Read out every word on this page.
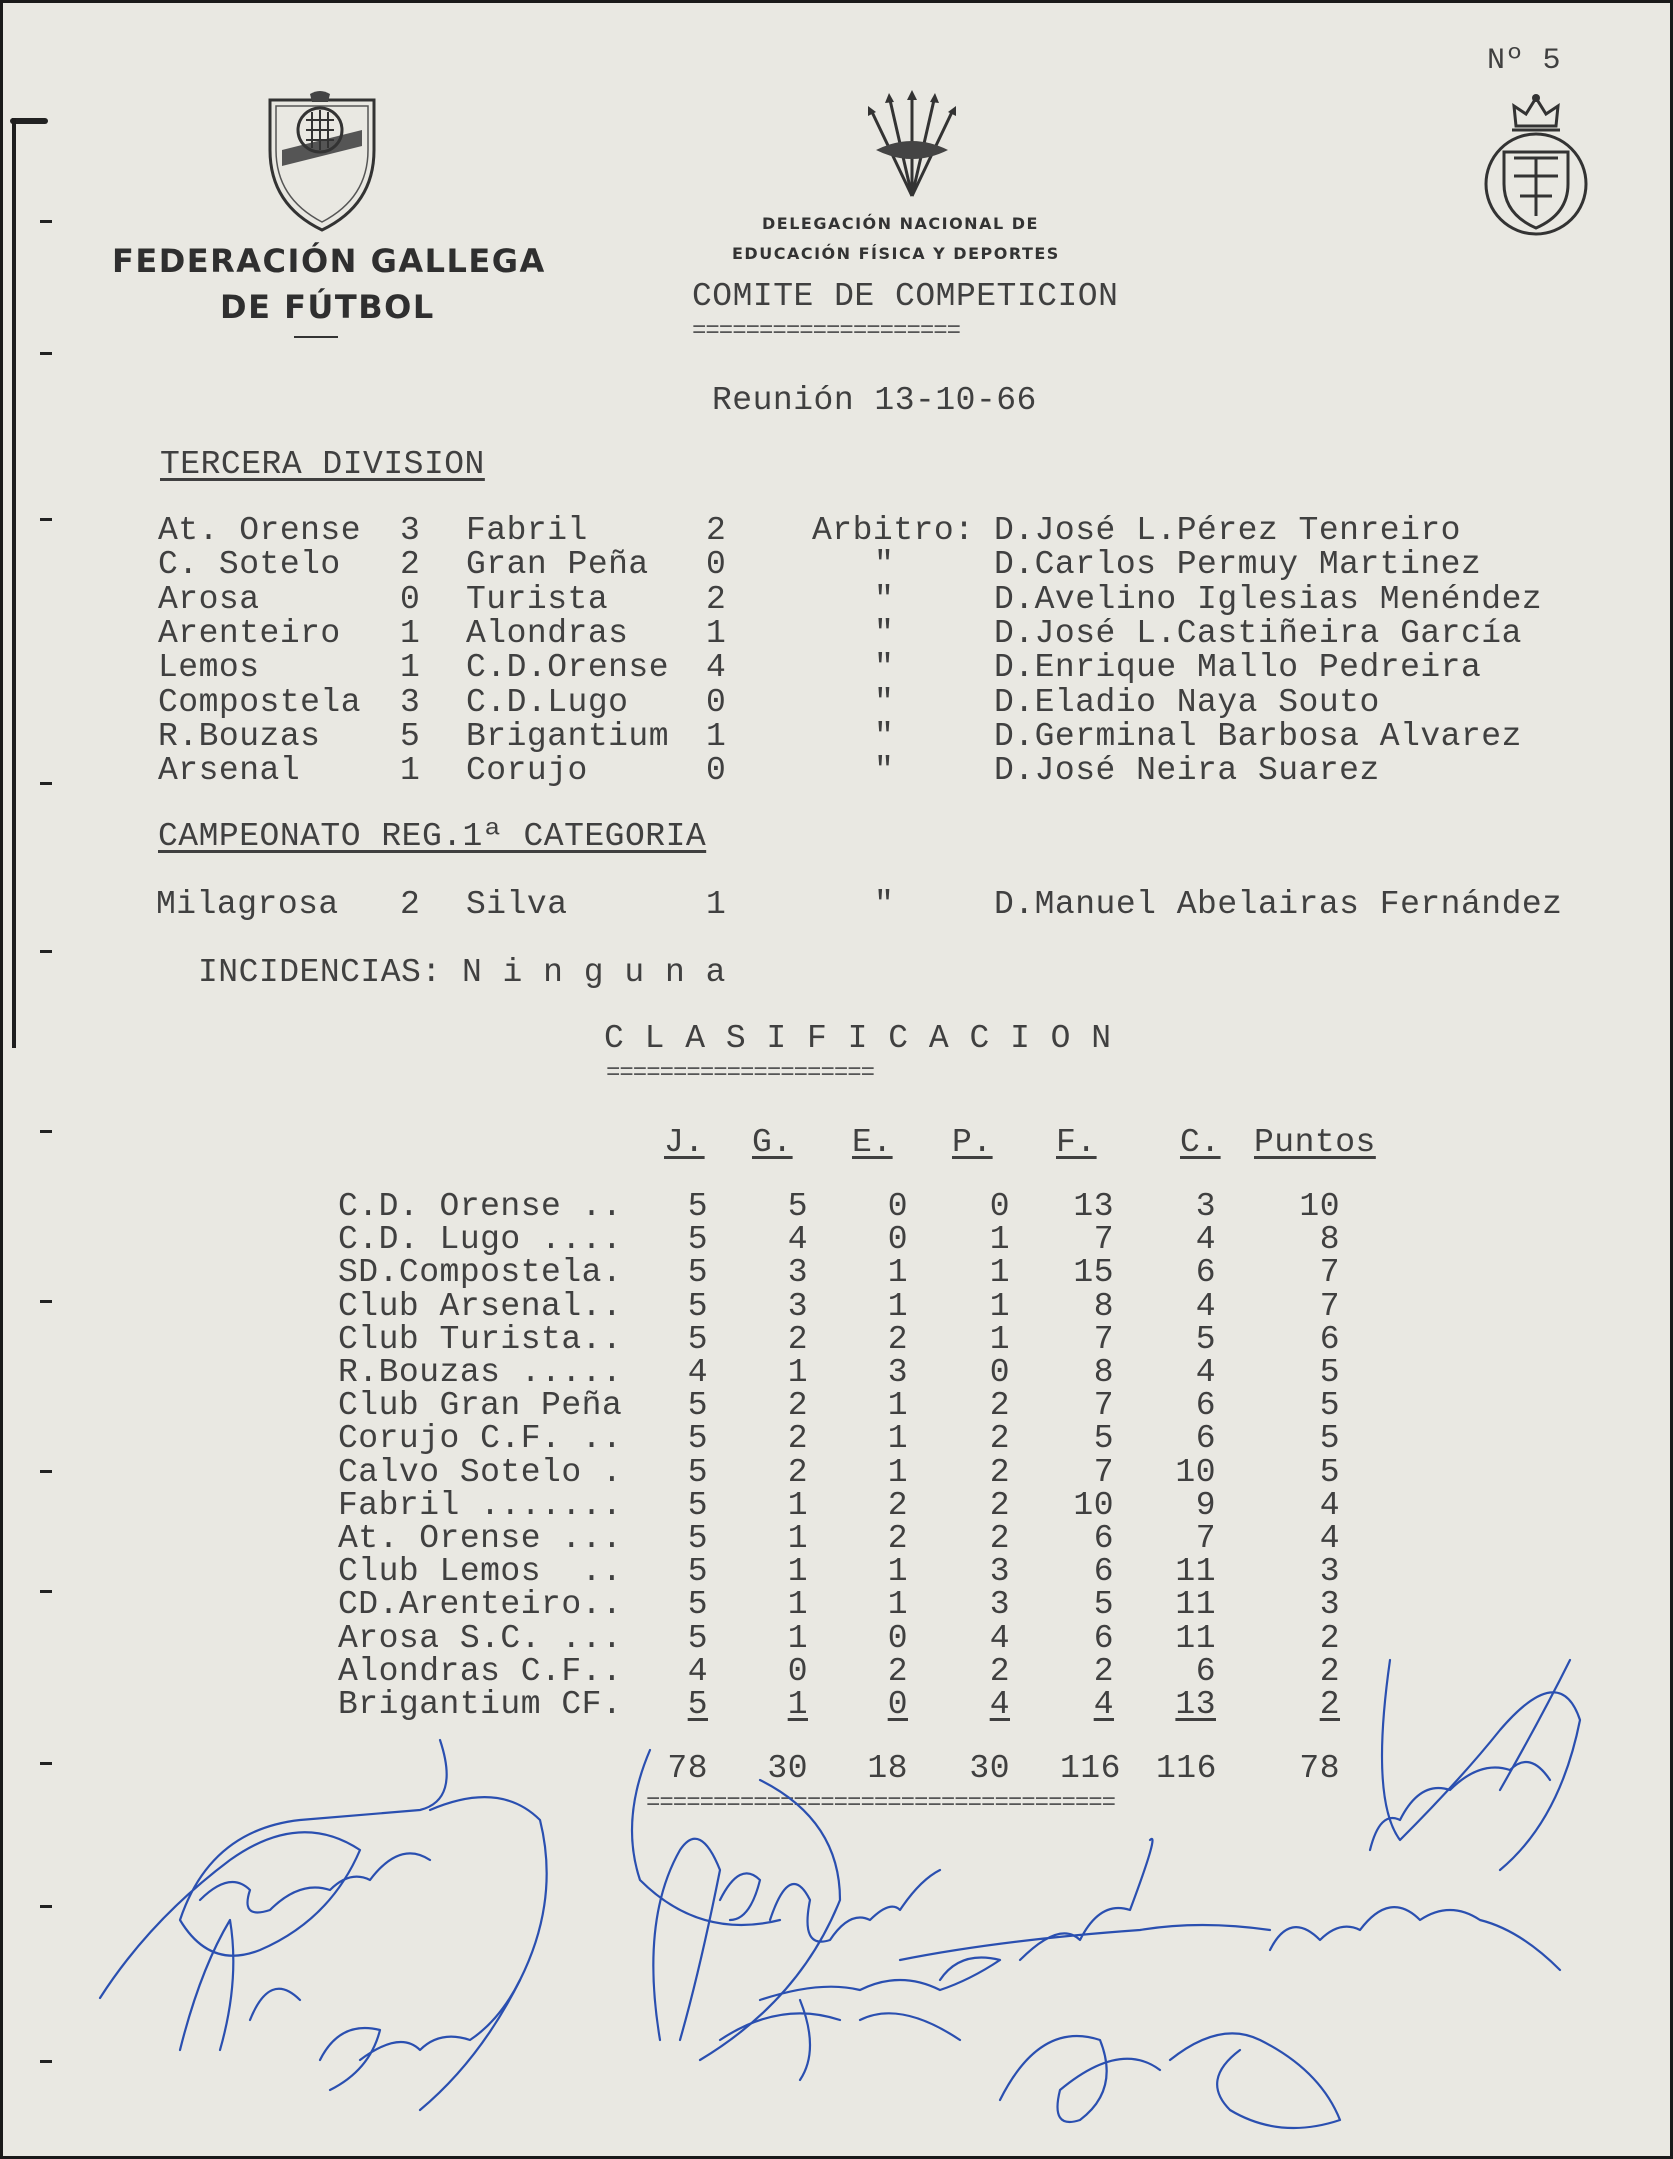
Nº 5
FEDERACIÓN GALLEGA
DE FÚTBOL
DELEGACIÓN NACIONAL DE
EDUCACIÓN FÍSICA Y DEPORTES
COMITE DE COMPETICION
====================
Reunión 13-10-66
TERCERA DIVISION
At. Orense 3 Fabril	2	Arbitro: D.José L.Pérez Tenreiro
C. Sotelo 2 Gran Peña 0	"	D.Carlos Permuy Martinez
Arosa	0 Turista	2	"	D.Avelino Iglesias Menéndez
Arenteiro 1 Alondras 1	"	D.José L.Castiñeira García
Lemos	1 C.D.Orense 4	"	D.Enrique Mallo Pedreira
Compostela 3 C.D.Lugo 0	"	D.Eladio Naya Souto
R.Bouzas 5 Brigantium 1	"	D.Germinal Barbosa Alvarez
Arsenal	1 Corujo	0	"	D.José Neira Suarez
CAMPEONATO REG.1ª CATEGORIA
Milagrosa 2 Silva	1	"	D.Manuel Abelairas Fernández
INCIDENCIAS: N i n g u n a
C L A S I F I C A C I O N
====================
J. G. E. P. F.	C. Puntos
C.D. Orense ..	5	5	0	0	13	3	10
C.D. Lugo ....	5	4	0	1	7	4	8
SD.Compostela.	5	3	1	1	15	6	7
Club Arsenal..	5	3	1	1	8	4	7
Club Turista..	5	2	2	1	7	5	6
R.Bouzas .....	4	1	3	0	8	4	5
Club Gran Peña	5	2	1	2	7	6	5
Corujo C.F. ..	5	2	1	2	5	6	5
Calvo Sotelo .	5	2	1	2	7	10	5
Fabril .......	5	1	2	2	10	9	4
At. Orense ...	5	1	2	2	6	7	4
Club Lemos  ..	5	1	1	3	6	11	3
CD.Arenteiro..	5	1	1	3	5	11	3
Arosa S.C. ...	5	1	0	4	6	11	2
Alondras C.F..	4	0	2	2	2	6	2
Brigantium CF.	5	1	0	4	4	13	2
78	30	18	30 116 116	78
===================================
